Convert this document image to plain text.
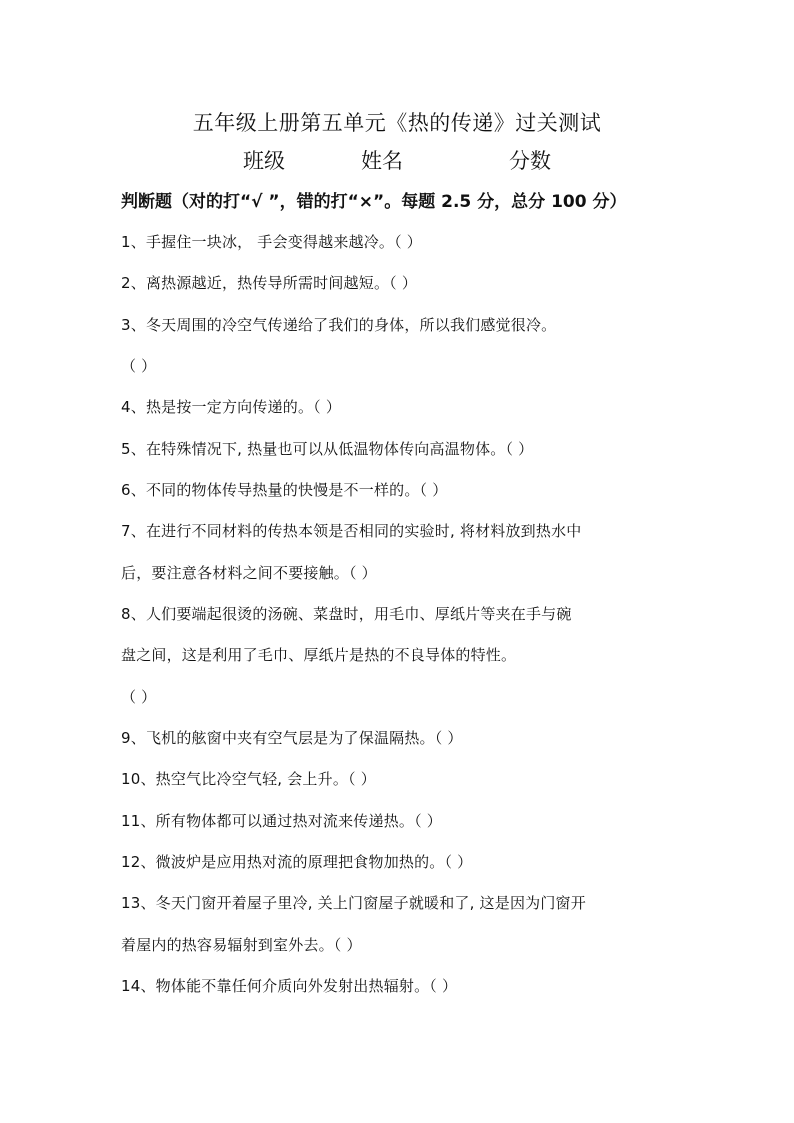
五年级上册第五单元《热的传递》过关测试
班级	姓名	分数
判断题（对的打“√ ”，错的打“×”。每题 2.5 分，总分 100 分）
1、手握住一块冰， 手会变得越来越冷。（ ）
2、离热源越近，热传导所需时间越短。（ ）
3、冬天周围的冷空气传递给了我们的身体，所以我们感觉很冷。
（ ）
4、热是按一定方向传递的。（ ）
5、在特殊情况下, 热量也可以从低温物体传向高温物体。（ ）
6、不同的物体传导热量的快慢是不一样的。（ ）
7、在进行不同材料的传热本领是否相同的实验时, 将材料放到热水中
后，要注意各材料之间不要接触。（ ）
8、人们要端起很烫的汤碗、菜盘时，用毛巾、厚纸片等夹在手与碗
盘之间，这是利用了毛巾、厚纸片是热的不良导体的特性。
（ ）
9、飞机的舷窗中夹有空气层是为了保温隔热。（ ）
10、热空气比冷空气轻, 会上升。（ ）
11、所有物体都可以通过热对流来传递热。（ ）
12、微波炉是应用热对流的原理把食物加热的。（ ）
13、冬天门窗开着屋子里冷, 关上门窗屋子就暖和了, 这是因为门窗开
着屋内的热容易辐射到室外去。（ ）
14、物体能不靠任何介质向外发射出热辐射。（ ）
